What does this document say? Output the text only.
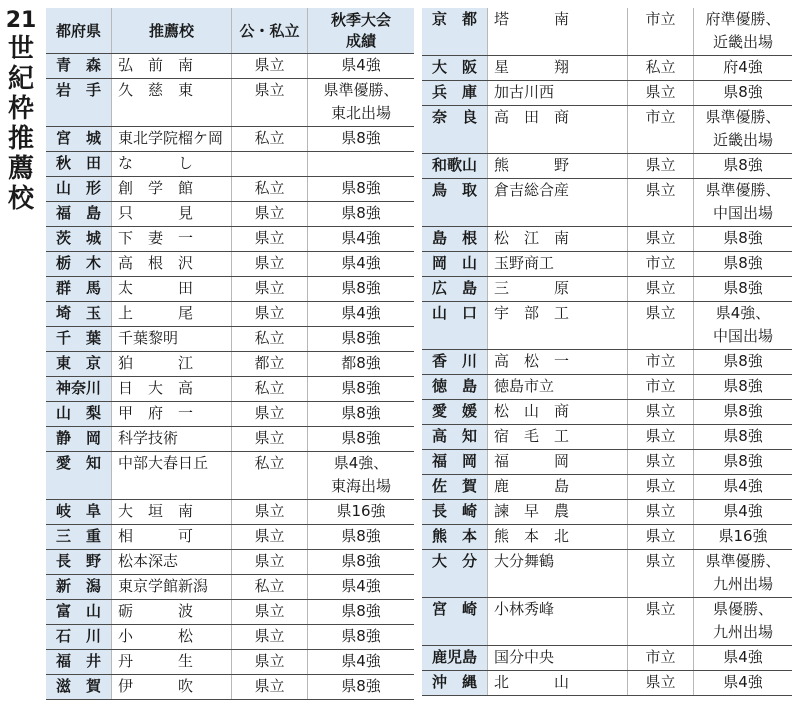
21
世
紀
枠
推
薦
校
都府県	推薦校	公・私立
秋季大会
成績
青　森	弘　前　南	県立	県4強
岩　手	久　慈　東	県立	県準優勝、
東北出場
宮　城	東北学院榴ケ岡	私立	県8強
秋　田	な　　　し
山　形	創　学　館	私立	県8強
福　島	只　　　見	県立	県8強
茨　城	下　妻　一	県立	県4強
栃　木	高　根　沢	県立	県4強
群　馬	太　　　田	県立	県8強
埼　玉	上　　　尾	県立	県4強
千　葉	千葉黎明	私立	県8強
東　京	狛　　　江	都立	都8強
神奈川	日　大　高	私立	県8強
山　梨	甲　府　一	県立	県8強
静　岡	科学技術	県立	県8強
愛　知	中部大春日丘	私立	県4強、
東海出場
岐　阜	大　垣　南	県立	県16強
三　重	相　　　可	県立	県8強
長　野	松本深志	県立	県8強
新　潟	東京学館新潟	私立	県4強
富　山	砺　　　波	県立	県8強
石　川	小　　　松	県立	県8強
福　井	丹　　　生	県立	県4強
滋　賀	伊　　　吹	県立	県8強
京　都	塔　　　南	市立	府準優勝、
近畿出場
大　阪	星　　　翔	私立	府4強
兵　庫	加古川西	県立	県8強
奈　良	高　田　商	市立	県準優勝、
近畿出場
和歌山	熊　　　野	県立	県8強
鳥　取	倉吉総合産	県立	県準優勝、
中国出場
島　根	松　江　南	県立	県8強
岡　山	玉野商工	市立	県8強
広　島	三　　　原	県立	県8強
山　口	宇　部　工	県立	県4強、
中国出場
香　川	高　松　一	市立	県8強
徳　島	徳島市立	市立	県8強
愛　媛	松　山　商	県立	県8強
高　知	宿　毛　工	県立	県8強
福　岡	福　　　岡	県立	県8強
佐　賀	鹿　　　島	県立	県4強
長　崎	諫　早　農	県立	県4強
熊　本	熊　本　北	県立	県16強
大　分	大分舞鶴	県立	県準優勝、
九州出場
宮　崎	小林秀峰	県立	県優勝、
九州出場
鹿児島	国分中央	市立	県4強
沖　縄	北　　　山	県立	県4強
